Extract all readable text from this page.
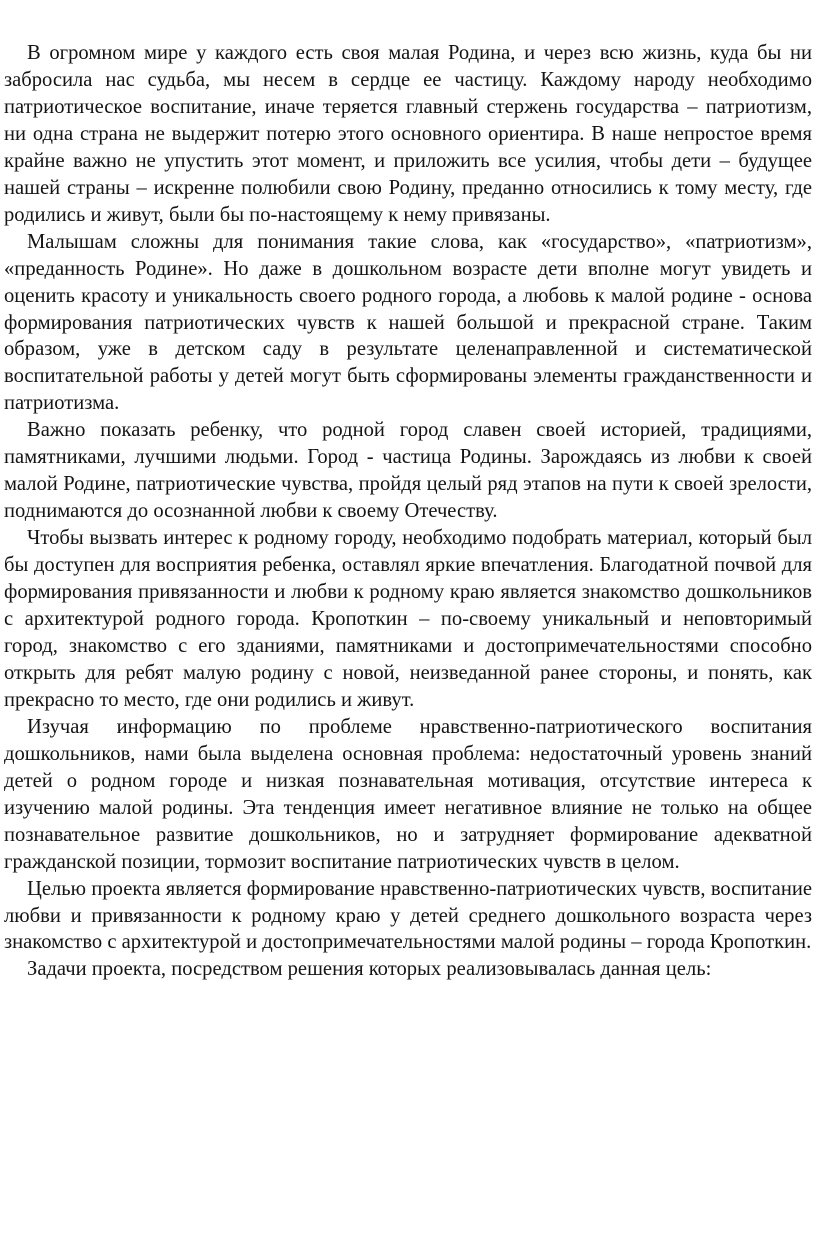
В огромном мире у каждого есть своя малая Родина, и через всю жизнь, куда бы ни забросила нас судьба, мы несем в сердце ее частицу. Каждому народу необходимо патриотическое воспитание, иначе теряется главный стержень государства – патриотизм, ни одна страна не выдержит потерю этого основного ориентира. В наше непростое время крайне важно не упустить этот момент, и приложить все усилия, чтобы дети – будущее нашей страны – искренне полюбили свою Родину, преданно относились к тому месту, где родились и живут, были бы по-настоящему к нему привязаны.

Малышам сложны для понимания такие слова, как «государство», «патриотизм», «преданность Родине». Но даже в дошкольном возрасте дети вполне могут увидеть и оценить красоту и уникальность своего родного города, а любовь к малой родине - основа формирования патриотических чувств к нашей большой и прекрасной стране. Таким образом, уже в детском саду в результате целенаправленной и систематической воспитательной работы у детей могут быть сформированы элементы гражданственности и патриотизма.

Важно показать ребенку, что родной город славен своей историей, традициями, памятниками, лучшими людьми. Город - частица Родины. Зарождаясь из любви к своей малой Родине, патриотические чувства, пройдя целый ряд этапов на пути к своей зрелости, поднимаются до осознанной любви к своему Отечеству.

Чтобы вызвать интерес к родному городу, необходимо подобрать материал, который был бы доступен для восприятия ребенка, оставлял яркие впечатления. Благодатной почвой для формирования привязанности и любви к родному краю является знакомство дошкольников с архитектурой родного города. Кропоткин – по-своему уникальный и неповторимый город, знакомство с его зданиями, памятниками и достопримечательностями способно открыть для ребят малую родину с новой, неизведанной ранее стороны, и понять, как прекрасно то место, где они родились и живут.

Изучая информацию по проблеме нравственно-патриотического воспитания дошкольников, нами была выделена основная проблема: недостаточный уровень знаний детей о родном городе и низкая познавательная мотивация, отсутствие интереса к изучению малой родины. Эта тенденция имеет негативное влияние не только на общее познавательное развитие дошкольников, но и затрудняет формирование адекватной гражданской позиции, тормозит воспитание патриотических чувств в целом.

Целью проекта является формирование нравственно-патриотических чувств, воспитание любви и привязанности к родному краю у детей среднего дошкольного возраста через знакомство с архитектурой и достопримечательностями малой родины – города Кропоткин.

Задачи проекта, посредством решения которых реализовывалась данная цель:
